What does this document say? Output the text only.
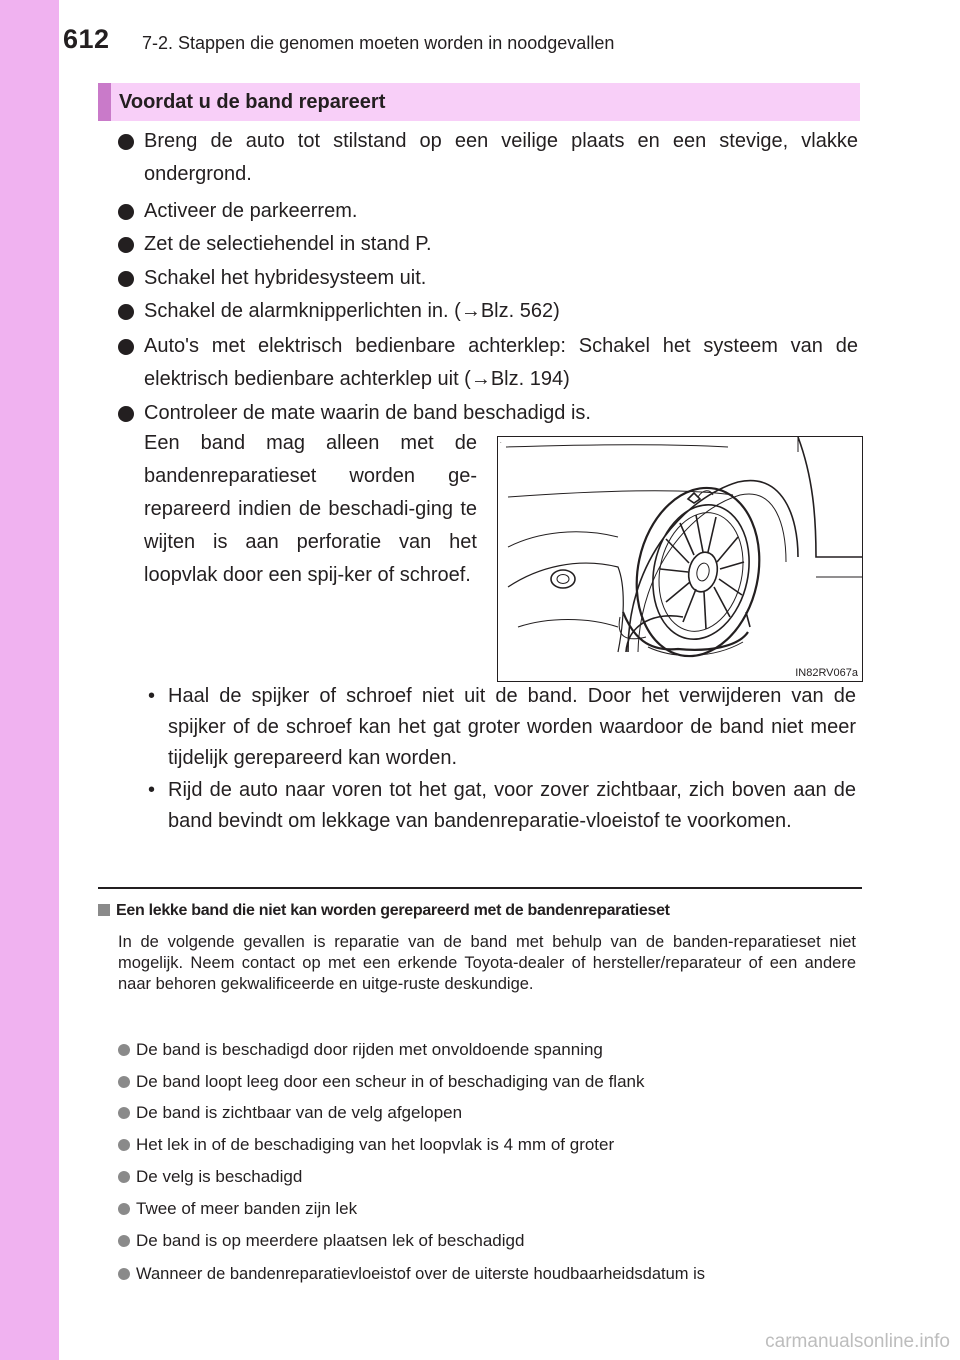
612 7-2. Stappen die genomen moeten worden in noodgevallen
Voordat u de band repareert
Breng de auto tot stilstand op een veilige plaats en een stevige, vlakke ondergrond.
Activeer de parkeerrem.
Zet de selectiehendel in stand P.
Schakel het hybridesysteem uit.
Schakel de alarmknipperlichten in. (→Blz. 562)
Auto's met elektrisch bedienbare achterklep: Schakel het systeem van de elektrisch bedienbare achterklep uit (→Blz. 194)
Controleer de mate waarin de band beschadigd is.
Een band mag alleen met de bandenreparatieset worden ge-repareerd indien de beschadi-ging te wijten is aan perforatie van het loopvlak door een spij-ker of schroef.
.
IN82RV067a
• Haal de spijker of schroef niet uit de band. Door het verwijderen van de spijker of de schroef kan het gat groter worden waardoor de band niet meer tijdelijk gerepareerd kan worden.
• Rijd de auto naar voren tot het gat, voor zover zichtbaar, zich boven aan de band bevindt om lekkage van bandenreparatie-vloeistof te voorkomen.
Een lekke band die niet kan worden gerepareerd met de bandenreparatieset
In de volgende gevallen is reparatie van de band met behulp van de banden-reparatieset niet mogelijk. Neem contact op met een erkende Toyota-dealer of hersteller/reparateur of een andere naar behoren gekwalificeerde en uitge-ruste deskundige.
De band is beschadigd door rijden met onvoldoende spanning
De band loopt leeg door een scheur in of beschadiging van de flank
De band is zichtbaar van de velg afgelopen
Het lek in of de beschadiging van het loopvlak is 4 mm of groter
De velg is beschadigd
Twee of meer banden zijn lek
De band is op meerdere plaatsen lek of beschadigd
Wanneer de bandenreparatievloeistof over de uiterste houdbaarheidsdatum is
carmanualsonline.info
